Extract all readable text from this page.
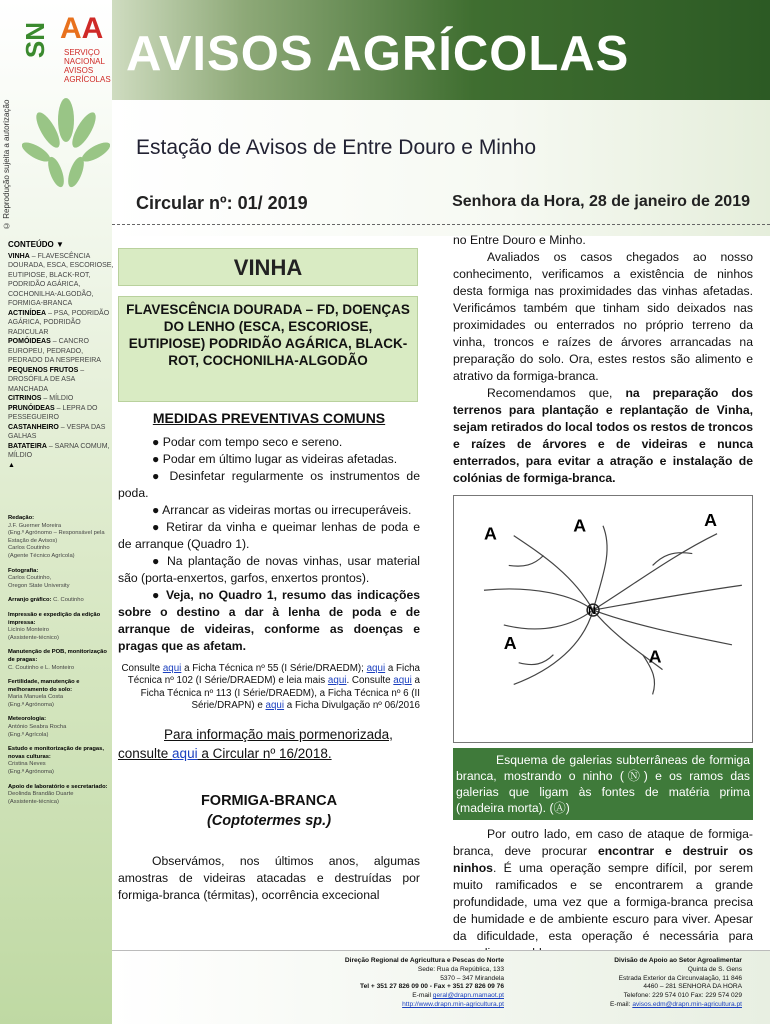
SN AA
SERVIÇO
NACIONAL
AVISOS
AGRÍCOLAS
© Reprodução sujeita a autorização
CONTEÚDO ▼
VINHA – FLAVESCÊNCIA DOURADA, ESCA, ESCORIOSE, EUTIPIOSE, BLACK-ROT, PODRIDÃO AGÁRICA, COCHONILHA-ALGODÃO, FORMIGA-BRANCA
ACTINÍDEA – PSA, PODRIDÃO AGÁRICA, PODRIDÃO RADICULAR
POMÓIDEAS – CANCRO EUROPEU, PEDRADO, PEDRADO DA NESPEREIRA
PEQUENOS FRUTOS – DROSÓFILA DE ASA MANCHADA
CITRINOS – MÍLDIO
PRUNÓIDEAS – LEPRA DO PESSEGUEIRO
CASTANHEIRO – VESPA DAS GALHAS
BATATEIRA – SARNA COMUM, MÍLDIO
▲
Redação:
J.F. Guerner Moreira
(Eng.º Agrónomo – Responsável pela Estação de Avisos)
Carlos Coutinho
(Agente Técnico Agrícola)
Fotografia:
Carlos Coutinho,
Oregon State University
Arranjo gráfico: C. Coutinho
Impressão e expedição da edição impressa:
Licínio Monteiro
(Assistente-técnico)
Manutenção de POB, monitorização de pragas:
C. Coutinho e L. Monteiro
Fertilidade, manutenção e melhoramento do solo:
Maria Manuela Costa
(Eng.ª Agrónoma)
Meteorologia:
António Seabra Rocha
(Eng.º Agrícola)
Estudo e monitorização de pragas, novas culturas:
Cristina Neves
(Eng.ª Agrónoma)
Apoio de laboratório e secretariado:
Deolinda Brandão Duarte
(Assistente-técnica)
AVISOS AGRÍCOLAS
Estação de Avisos de Entre Douro e Minho
Circular nº: 01/ 2019	Senhora da Hora, 28 de janeiro de 2019
VINHA
FLAVESCÊNCIA DOURADA – FD, DOENÇAS DO LENHO (ESCA, ESCORIOSE, EUTIPIOSE) PODRIDÃO AGÁRICA, BLACK-ROT, COCHONILHA-ALGODÃO
MEDIDAS PREVENTIVAS COMUNS
● Podar com tempo seco e sereno.
● Podar em último lugar as videiras afetadas.
● Desinfetar regularmente os instrumentos de poda.
● Arrancar as videiras mortas ou irrecuperáveis.
● Retirar da vinha e queimar lenhas de poda e de arranque (Quadro 1).
● Na plantação de novas vinhas, usar material são (porta-enxertos, garfos, enxertos prontos).
● Veja, no Quadro 1, resumo das indicações sobre o destino a dar à lenha de poda e de arranque de videiras, conforme as doenças e pragas que as afetam.
Consulte aqui a Ficha Técnica nº 55 (I Série/DRAEDM); aqui a Ficha Técnica nº 102 (I Série/DRAEDM) e leia mais aqui. Consulte aqui a Ficha Técnica nº 113 (I Série/DRAEDM), a Ficha Técnica nº 6 (II Série/DRAPN) e aqui a Ficha Divulgação nº 06/2016
Para informação mais pormenorizada, consulte aqui a Circular nº 16/2018.
FORMIGA-BRANCA
(Coptotermes sp.)
Observámos, nos últimos anos, algumas amostras de videiras atacadas e destruídas por formiga-branca (térmitas), ocorrência excecional
no Entre Douro e Minho.
Avaliados os casos chegados ao nosso conhecimento, verificamos a existência de ninhos desta formiga nas proximidades das vinhas afetadas. Verificámos também que tinham sido deixados nas proximidades ou enterrados no próprio terreno da vinha, troncos e raízes de árvores arrancadas na preparação do solo. Ora, estes restos são alimento e atrativo da formiga-branca.
Recomendamos que, na preparação dos terrenos para plantação e replantação de Vinha, sejam retirados do local todos os restos de troncos e raízes de árvores e de videiras e nunca enterrados, para evitar a atração e instalação de colónias de formiga-branca.
N
A	A	A
A
A
Esquema de galerias subterrâneas de formiga branca, mostrando o ninho (Ⓝ) e os ramos das galerias que ligam às fontes de matéria prima (madeira morta). (Ⓐ)
Por outro lado, em caso de ataque de formiga-branca, deve procurar encontrar e destruir os ninhos. É uma operação sempre difícil, por serem muito ramificados e se encontrarem a grande profundidade, uma vez que a formiga-branca precisa de humidade e de ambiente escuro para viver. Apesar da dificuldade, esta operação é necessária para
Direção Regional de Agricultura e Pescas do Norte
Sede: Rua da República, 133
5370 – 347 Mirandela
Tel + 351 27 826 09 00 - Fax + 351 27 826 09 76
E-mail geral@drapn.mamaot.pt
http://www.drapn.min-agricultura.pt
Divisão de Apoio ao Setor Agroalimentar
Quinta de S. Gens
Estrada Exterior da Circunvalação, 11 846
4460 – 281 SENHORA DA HORA
Telefone: 229 574 010 Fax: 229 574 029
E-mail: avisos.edm@drapn.min-agricultura.pt
